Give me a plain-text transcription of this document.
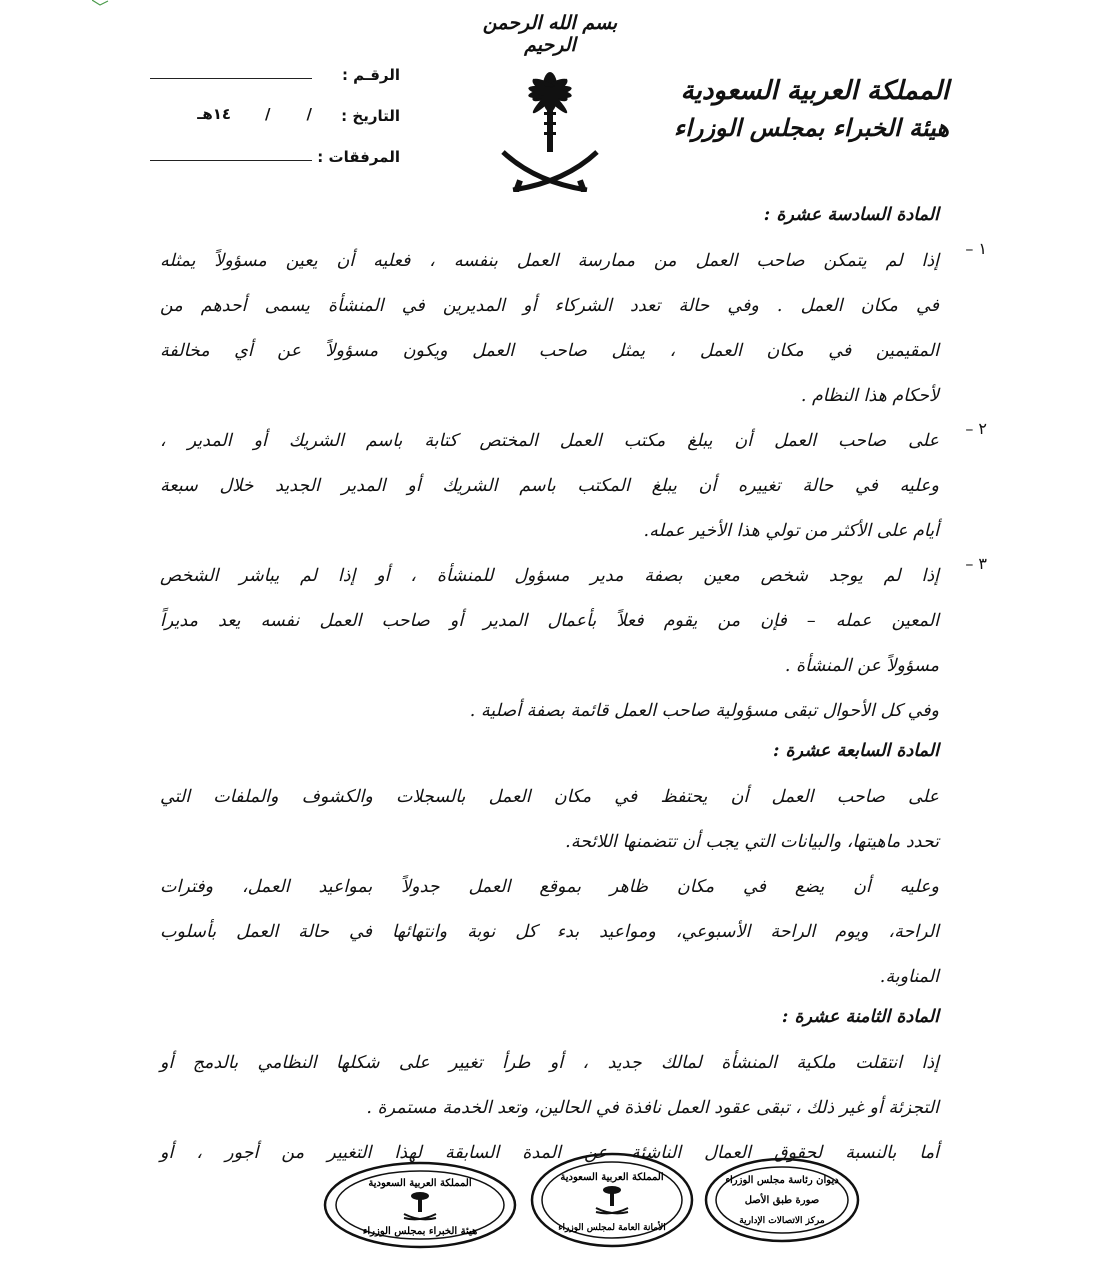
بسم الله الرحمن الرحيم
المملكة العربية السعودية
هيئة الخبراء بمجلس الوزراء
الرقـم :
التاريخ :
//١٤هـ
المرفقات :
المادة السادسة عشرة :
١ –
إذا لم يتمكن صاحب العمل من ممارسة العمل بنفسه ، فعليه أن يعين مسؤولاً يمثله
في مكان العمل . وفي حالة تعدد الشركاء أو المديرين في المنشأة يسمى أحدهم من
المقيمين في مكان العمل ، يمثل صاحب العمل ويكون مسؤولاً عن أي مخالفة
لأحكام هذا النظام .
٢ –
على صاحب العمل أن يبلغ مكتب العمل المختص كتابة باسم الشريك أو المدير ،
وعليه في حالة تغييره أن يبلغ المكتب باسم الشريك أو المدير الجديد خلال سبعة
أيام على الأكثر من تولي هذا الأخير عمله.
٣ –
إذا لم يوجد شخص معين بصفة مدير مسؤول للمنشأة ، أو إذا لم يباشر الشخص
المعين عمله – فإن من يقوم فعلاً بأعمال المدير أو صاحب العمل نفسه يعد مديراً
مسؤولاً عن المنشأة .
وفي كل الأحوال تبقى مسؤولية صاحب العمل قائمة بصفة أصلية .
المادة السابعة عشرة :
على صاحب العمل أن يحتفظ في مكان العمل بالسجلات والكشوف والملفات التي
تحدد ماهيتها، والبيانات التي يجب أن تتضمنها اللائحة.
وعليه أن يضع في مكان ظاهر بموقع العمل جدولاً بمواعيد العمل، وفترات
الراحة، ويوم الراحة الأسبوعي، ومواعيد بدء كل نوبة وانتهائها في حالة العمل بأسلوب
المناوبة.
المادة الثامنة عشرة :
إذا انتقلت ملكية المنشأة لمالك جديد ، أو طرأ تغيير على شكلها النظامي بالدمج أو
التجزئة أو غير ذلك ، تبقى عقود العمل نافذة في الحالين، وتعد الخدمة مستمرة .
أما بالنسبة لحقوق العمال الناشئة عن المدة السابقة لهذا التغيير من أجور ، أو
المملكة العربية السعودية
هيئة الخبراء بمجلس الوزراء
المملكة العربية السعودية
الأمانة العامة لمجلس الوزراء
ديوان رئاسة مجلس الوزراء
صورة طبق الأصل
مركز الاتصالات الإدارية
